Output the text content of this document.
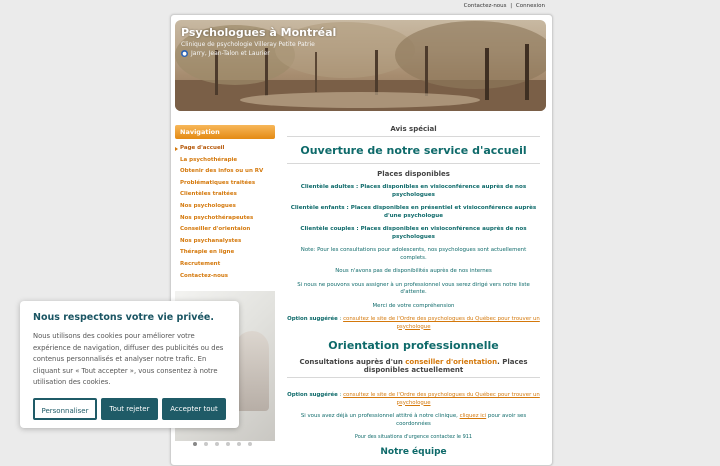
Contactez-nous | Connexion
Psychologues à Montréal
Clinique de psychologie Villeray Petite Patrie
● Jarry, Jean-Talon et Laurier
Navigation
Page d'accueil
La psychothérapie
Obtenir des infos ou un RV
Problématiques traitées
Clientèles traitées
Nos psychologues
Nos psychothérapeutes
Conseiller d'orientaion
Nos psychanalystes
Thérapie en ligne
Recrutement
Contactez-nous
Avis spécial
Ouverture de notre service d'accueil
Places disponibles
Clientèle adultes : Places disponibles en visioconférence auprès de nos psychologues
Clientèle enfants : Places disponibles en présentiel et visioconférence auprès d'une psychologue
Clientèle couples : Places disponibles en visioconférence auprès de nos psychologues
Note: Pour les consultations pour adolescents, nos psychologues sont actuellement complets.
Nous n'avons pas de disponibilités auprès de nos internes
Si nous ne pouvons vous assigner à un professionnel vous serez dirigé vers notre liste d'attente.
Merci de votre compréhension
Option suggérée : consultez le site de l'Ordre des psychologues du Québec pour trouver un psychologue
Orientation professionnelle
Consultations auprès d'un conseiller d'orientation. Places disponibles actuellement
Option suggérée : consultez le site de l'Ordre des psychologues du Québec pour trouver un psychologue
Si vous avez déjà un professionnel attitré à notre clinique, cliquez ici pour avoir ses coordonnées
Pour des situations d'urgence contactez le 911
Notre équipe
Nous respectons votre vie privée.
Nous utilisons des cookies pour améliorer votre expérience de navigation, diffuser des publicités ou des contenus personnalisés et analyser notre trafic. En cliquant sur « Tout accepter », vous consentez à notre utilisation des cookies.
Personnaliser	Tout rejeter	Accepter tout
